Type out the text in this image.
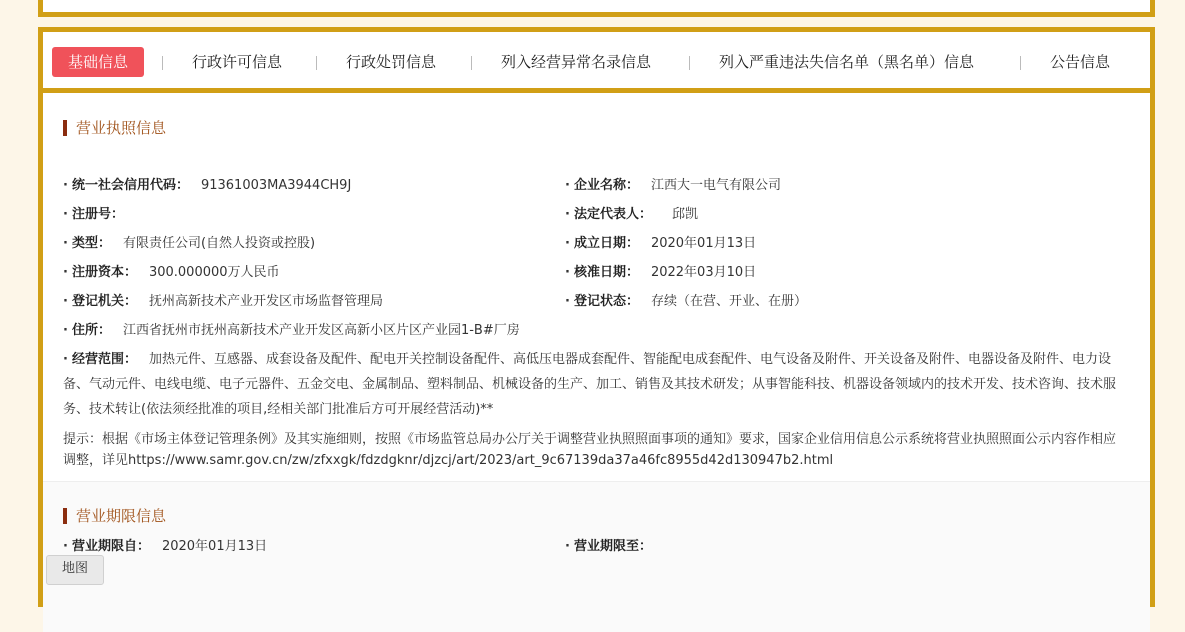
基础信息	行政许可信息	行政处罚信息	列入经营异常名录信息	列入严重违法失信名单（黑名单）信息	公告信息
营业执照信息
· 统一社会信用代码： 91361003MA3944CH9J	· 企业名称： 江西大一电气有限公司
· 注册号：	· 法定代表人： 邱凯
· 类型： 有限责任公司(自然人投资或控股)	· 成立日期： 2020年01月13日
· 注册资本： 300.000000万人民币	· 核准日期： 2022年03月10日
· 登记机关： 抚州高新技术产业开发区市场监督管理局	· 登记状态： 存续（在营、开业、在册）
· 住所： 江西省抚州市抚州高新技术产业开发区高新小区片区产业园1-B#厂房
· 经营范围： 加热元件、互感器、成套设备及配件、配电开关控制设备配件、高低压电器成套配件、智能配电成套配件、电气设备及附件、开关设备及附件、电器设备及附件、电力设备、气动元件、电线电缆、电子元器件、五金交电、金属制品、塑料制品、机械设备的生产、加工、销售及其技术研发；从事智能科技、机器设备领域内的技术开发、技术咨询、技术服务、技术转让(依法须经批准的项目,经相关部门批准后方可开展经营活动)**
提示：根据《市场主体登记管理条例》及其实施细则，按照《市场监管总局办公厅关于调整营业执照照面事项的通知》要求，国家企业信用信息公示系统将营业执照照面公示内容作相应调整，详见https://www.samr.gov.cn/zw/zfxxgk/fdzdgknr/djzcj/art/2023/art_9c67139da37a46fc8955d42d130947b2.html
营业期限信息
· 营业期限自： 2020年01月13日	· 营业期限至：
地图
